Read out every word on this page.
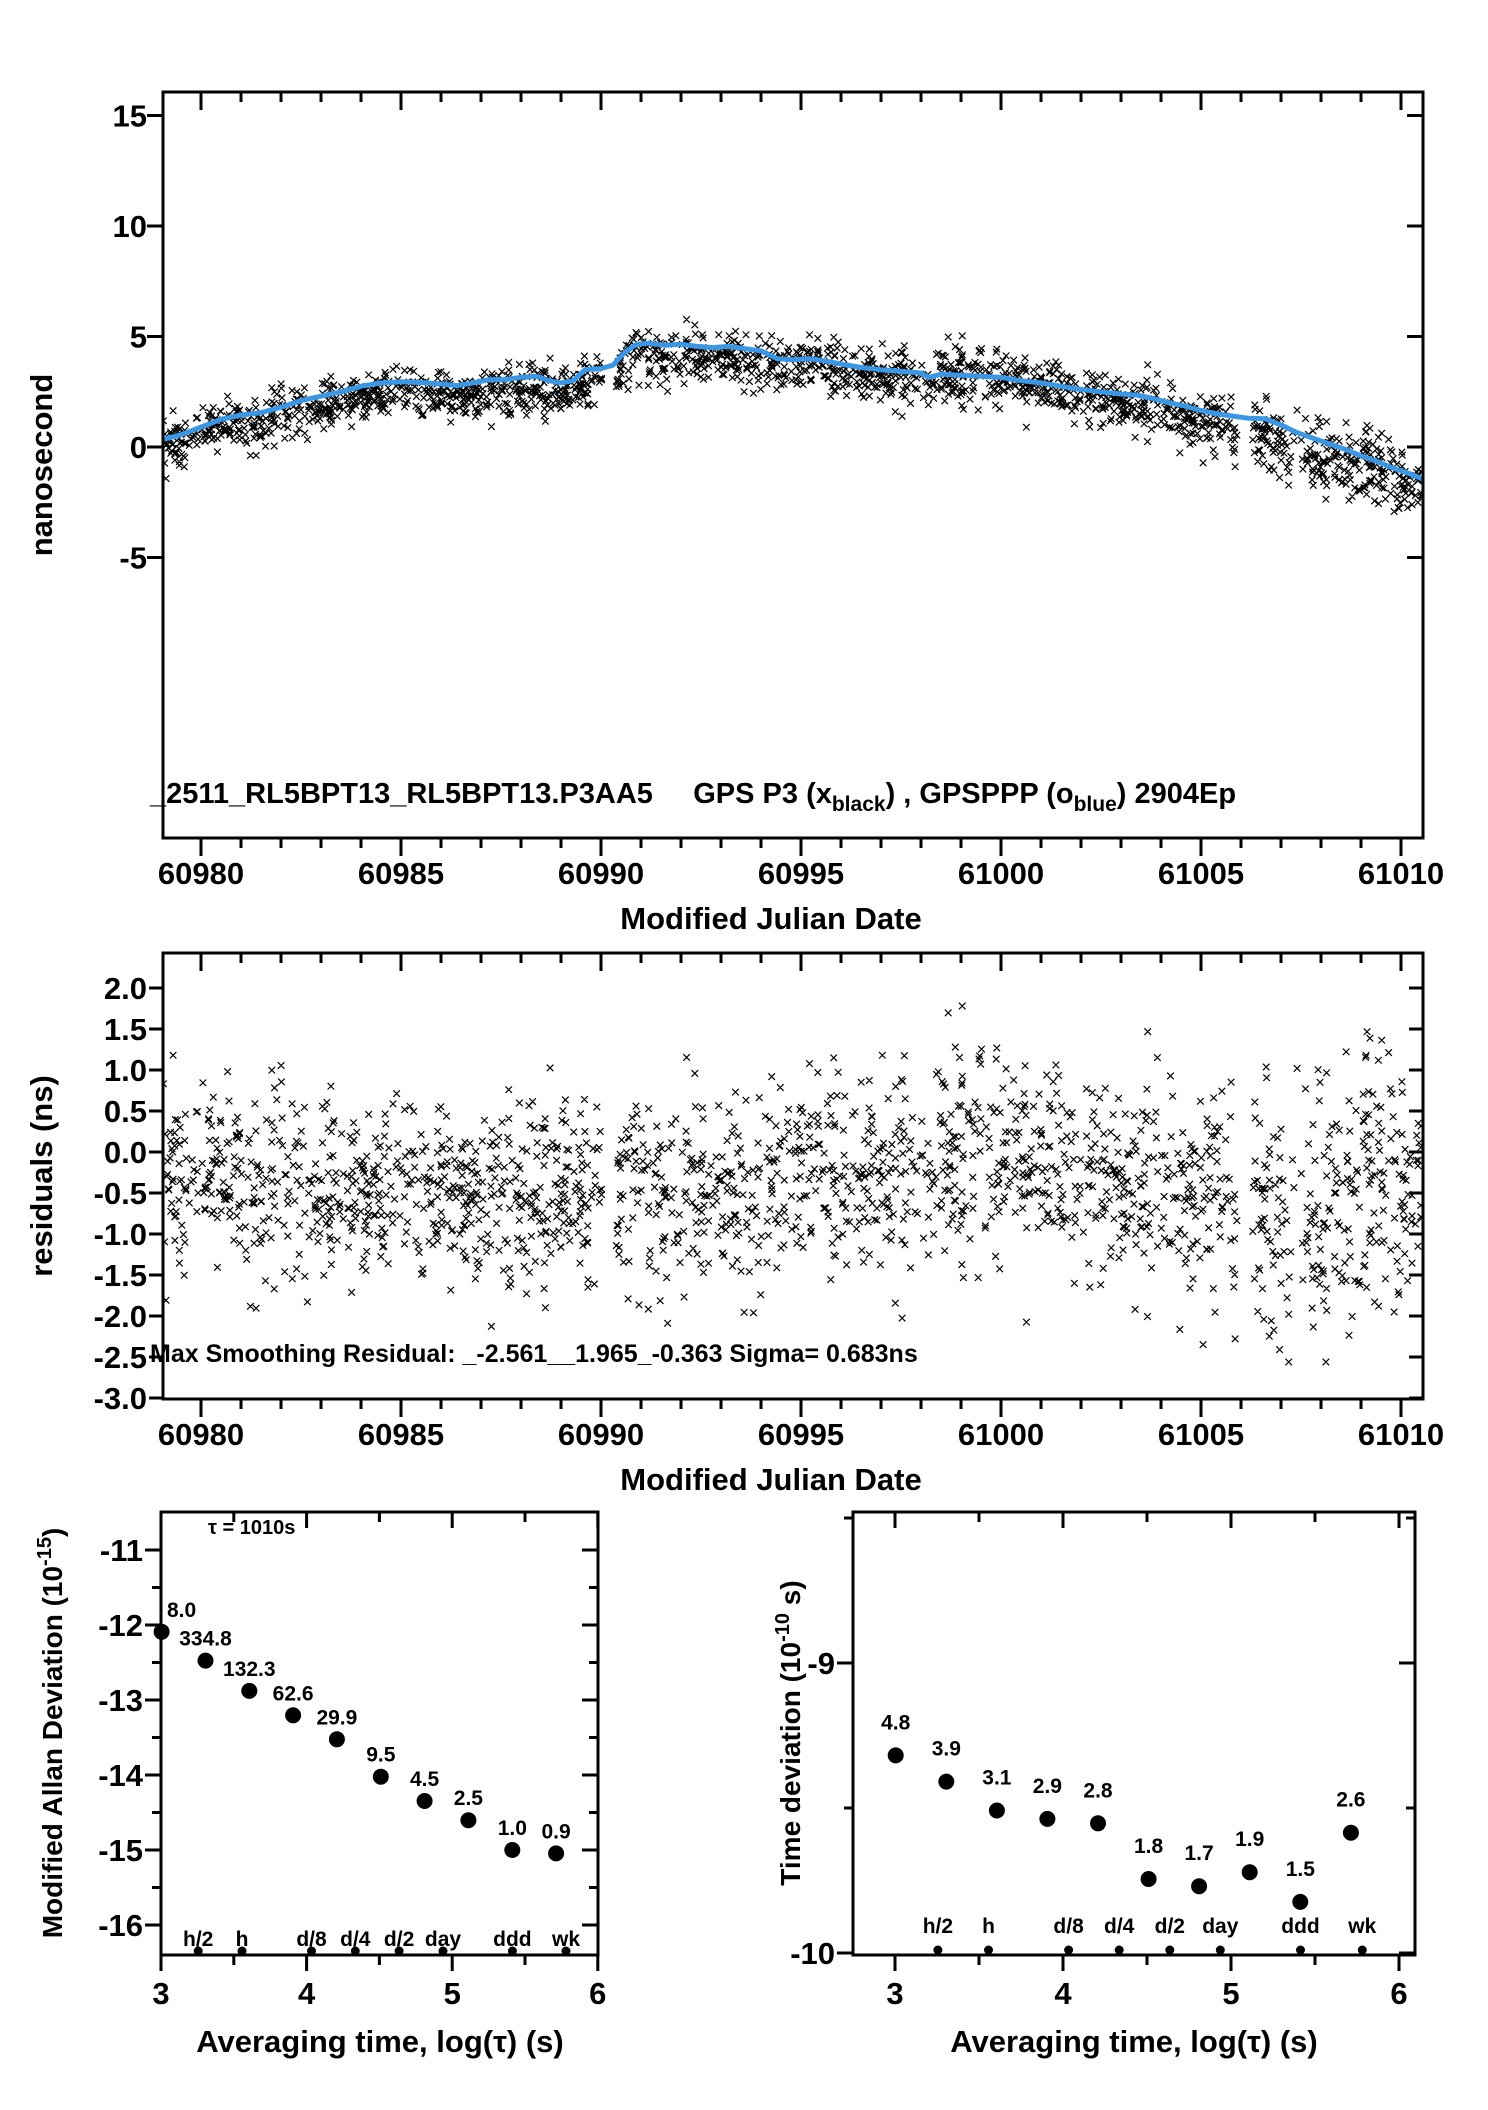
_2511_RL5BPT13_RL5BPT13.P3AA5 GPS P3 $(x_{black})$ , GPSPPP $(o_{blue})$ 2904Ep
60980	60985	60990	60995	61000	61005	61010
60980	60985	60990	60995	61000	61005	61010
15
10
5
0
-5
2.0
1.5
1.0
0.5
0.0
-0.5
-1.0
-1.5
-2.0
-2.5
-3.0
Modified Julian Date
Modified Julian Date
nanosecond
residuals (ns)
Max Smoothing Residual: _-2.561__1.965_-0.363 Sigma= 0.683ns
Modified Allan Deviation $(10^{-15})$
3	4	5	6
-11
-12
-13
-14
-15
-16
Averaging time, log(τ) (s)
8.0
334.8
132.3
62.6
29.9
9.5
4.5
2.5
1.0 0.9
h/2 h d/8 d/4 d/2 day ddd wk
τ = 1010s
Time deviation ($10^{-10}$ s)
3	4	5	6
-9
-10
Averaging time, log(τ) (s)
4.8
3.9
3.1 2.9 2.8
1.8 1.7
1.9
1.5
2.6
h/2 h	d/8 d/4 d/2 day ddd wk
